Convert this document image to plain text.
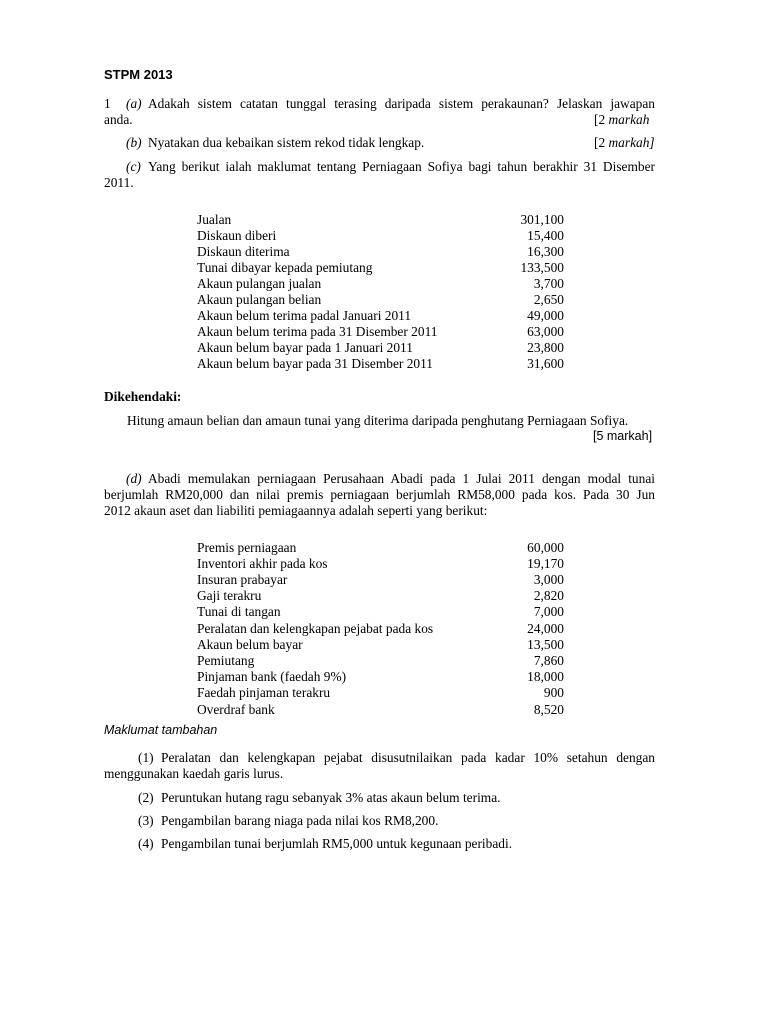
STPM 2013
1 (a) Adakah sistem catatan tunggal terasing daripada sistem perakaunan? Jelaskan jawapan
anda.	[2 markah
(b) Nyatakan dua kebaikan sistem rekod tidak lengkap.	[2 markah]
(c) Yang berikut ialah maklumat tentang Perniagaan Sofiya bagi tahun berakhir 31 Disember
2011.
Jualan	301,100
Diskaun diberi	15,400
Diskaun diterima	16,300
Tunai dibayar kepada pemiutang	133,500
Akaun pulangan jualan	3,700
Akaun pulangan belian	2,650
Akaun belum terima padal Januari 2011	49,000
Akaun belum terima pada 31 Disember 2011	63,000
Akaun belum bayar pada 1 Januari 2011	23,800
Akaun belum bayar pada 31 Disember 2011	31,600
Dikehendaki:
Hitung amaun belian dan amaun tunai yang diterima daripada penghutang Perniagaan Sofiya.
[5 markah]
(d) Abadi memulakan perniagaan Perusahaan Abadi pada 1 Julai 2011 dengan modal tunai
berjumlah RM20,000 dan nilai premis perniagaan berjumlah RM58,000 pada kos. Pada 30 Jun
2012 akaun aset dan liabiliti pemiagaannya adalah seperti yang berikut:
Premis perniagaan	60,000
Inventori akhir pada kos	19,170
Insuran prabayar	3,000
Gaji terakru	2,820
Tunai di tangan	7,000
Peralatan dan kelengkapan pejabat pada kos	24,000
Akaun belum bayar	13,500
Pemiutang	7,860
Pinjaman bank (faedah 9%)	18,000
Faedah pinjaman terakru	900
Overdraf bank	8,520
Maklumat tambahan
(1) Peralatan dan kelengkapan pejabat disusutnilaikan pada kadar 10% setahun dengan
menggunakan kaedah garis lurus.
(2) Peruntukan hutang ragu sebanyak 3% atas akaun belum terima.
(3) Pengambilan barang niaga pada nilai kos RM8,200.
(4) Pengambilan tunai berjumlah RM5,000 untuk kegunaan peribadi.
